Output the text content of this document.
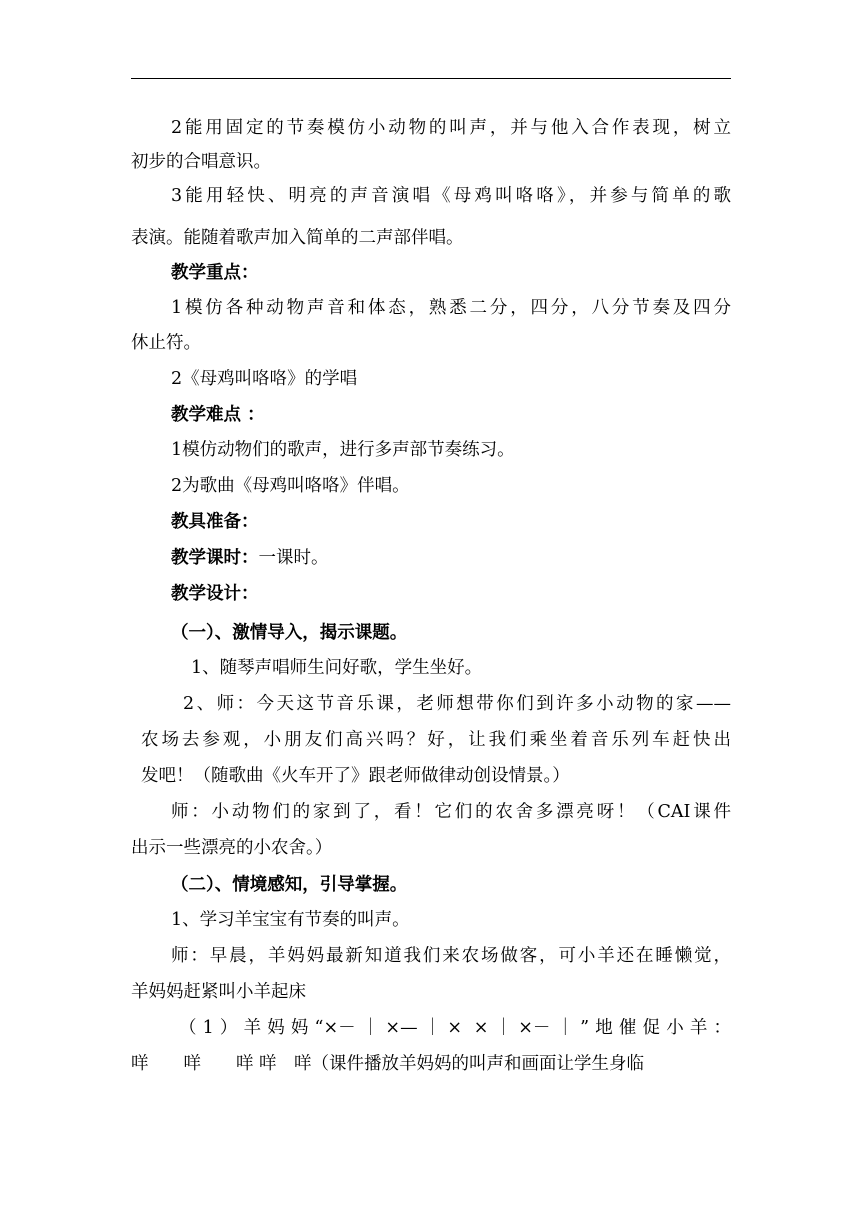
2能用固定的节奏模仿小动物的叫声，并与他入合作表现，树立
初步的合唱意识。
3能用轻快、明亮的声音演唱《母鸡叫咯咯》，并参与简单的歌
表演。能随着歌声加入简单的二声部伴唱。
教学重点：
1模仿各种动物声音和体态，熟悉二分，四分，八分节奏及四分
休止符。
2《母鸡叫咯咯》的学唱
教学难点 ：
1模仿动物们的歌声，进行多声部节奏练习。
2为歌曲《母鸡叫咯咯》伴唱。
教具准备：
教学课时：一课时。
教学设计：
（一）、激情导入，揭示课题。
1、随琴声唱师生问好歌，学生坐好。
2、师：今天这节音乐课，老师想带你们到许多小动物的家——
农场去参观，小朋友们高兴吗？好，让我们乘坐着音乐列车赶快出
发吧！（随歌曲《火车开了》跟老师做律动创设情景。）
师：小动物们的家到了，看！它们的农舍多漂亮呀！（CAI课件
出示一些漂亮的小农舍。）
（二）、情境感知，引导掌握。
1、学习羊宝宝有节奏的叫声。
师：早晨，羊妈妈最新知道我们来农场做客，可小羊还在睡懒觉，
羊妈妈赶紧叫小羊起床
（1）羊妈妈“×－｜×—｜× ×｜×－｜”地催促小羊：
咩　　咩　　咩 咩　咩（课件播放羊妈妈的叫声和画面让学生身临
